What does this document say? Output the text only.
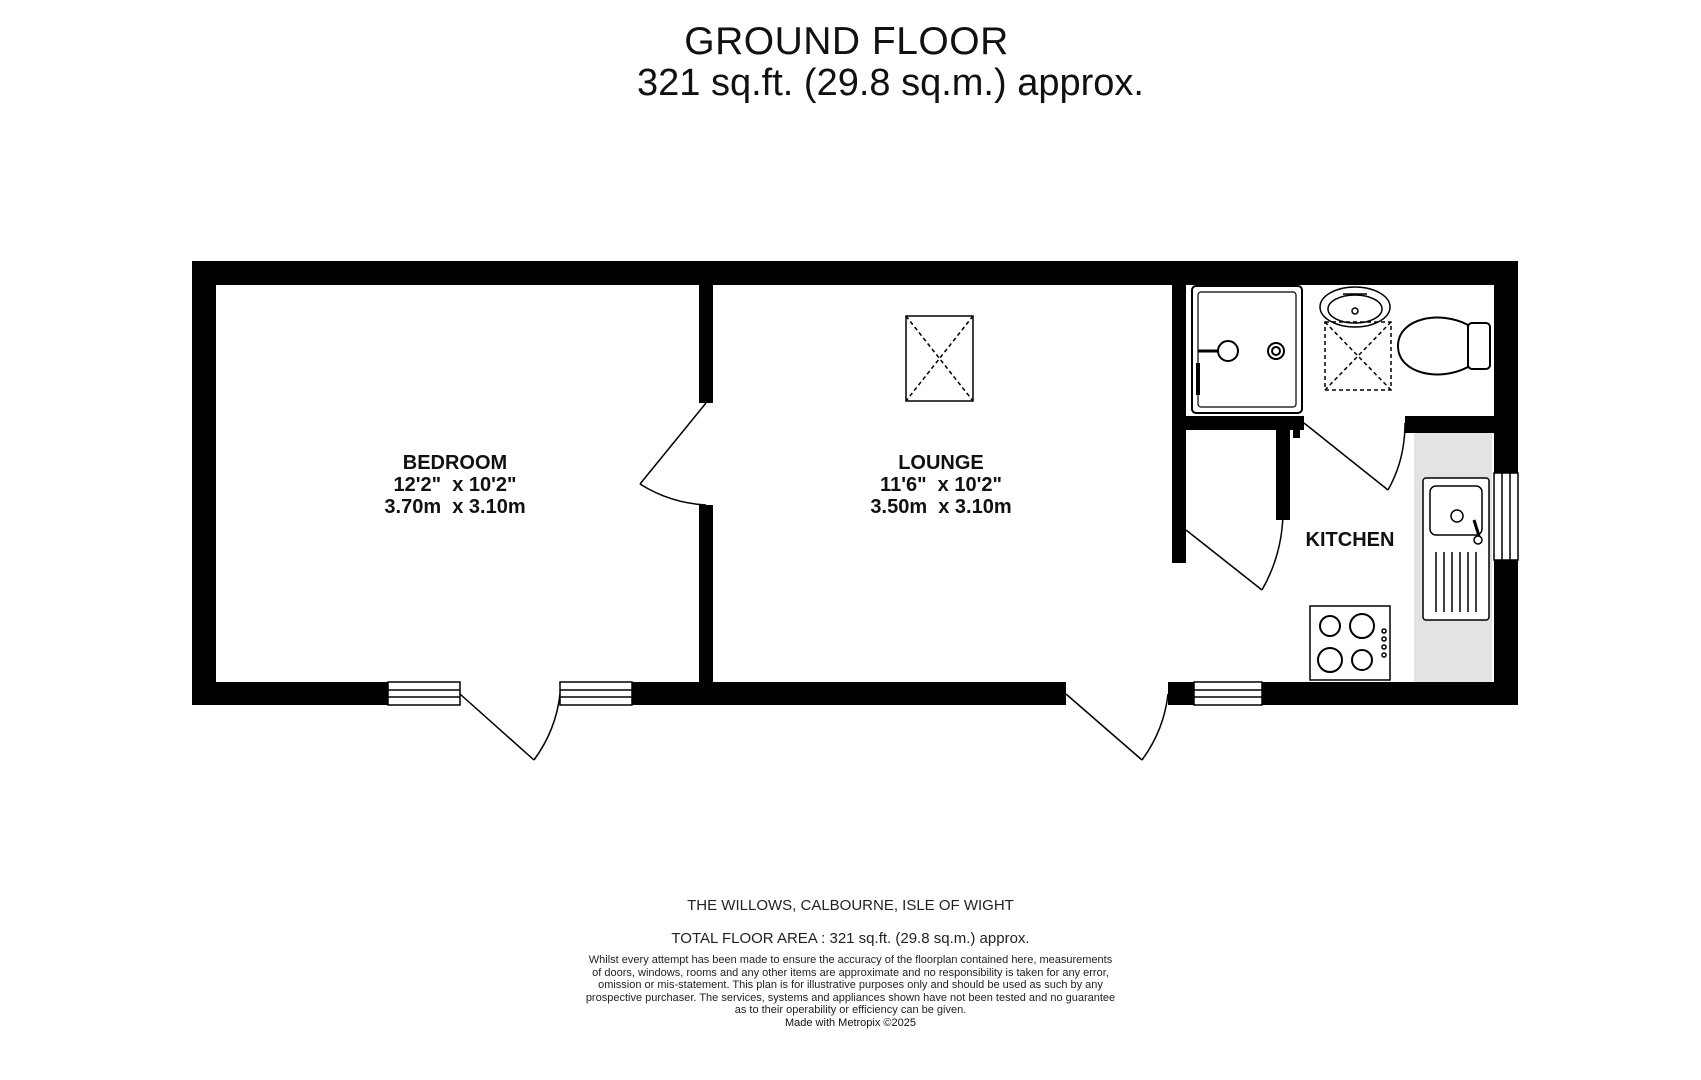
GROUND FLOOR
321 sq.ft. (29.8 sq.m.) approx.
BEDROOM
12'2"  x 10'2"
3.70m  x 3.10m
LOUNGE
11'6"  x 10'2"
3.50m  x 3.10m
KITCHEN
THE WILLOWS, CALBOURNE, ISLE OF WIGHT
TOTAL FLOOR AREA : 321 sq.ft. (29.8 sq.m.) approx.
Whilst every attempt has been made to ensure the accuracy of the floorplan contained here, measurements
of doors, windows, rooms and any other items are approximate and no responsibility is taken for any error,
omission or mis-statement. This plan is for illustrative purposes only and should be used as such by any
prospective purchaser. The services, systems and appliances shown have not been tested and no guarantee
as to their operability or efficiency can be given.
Made with Metropix ©2025
